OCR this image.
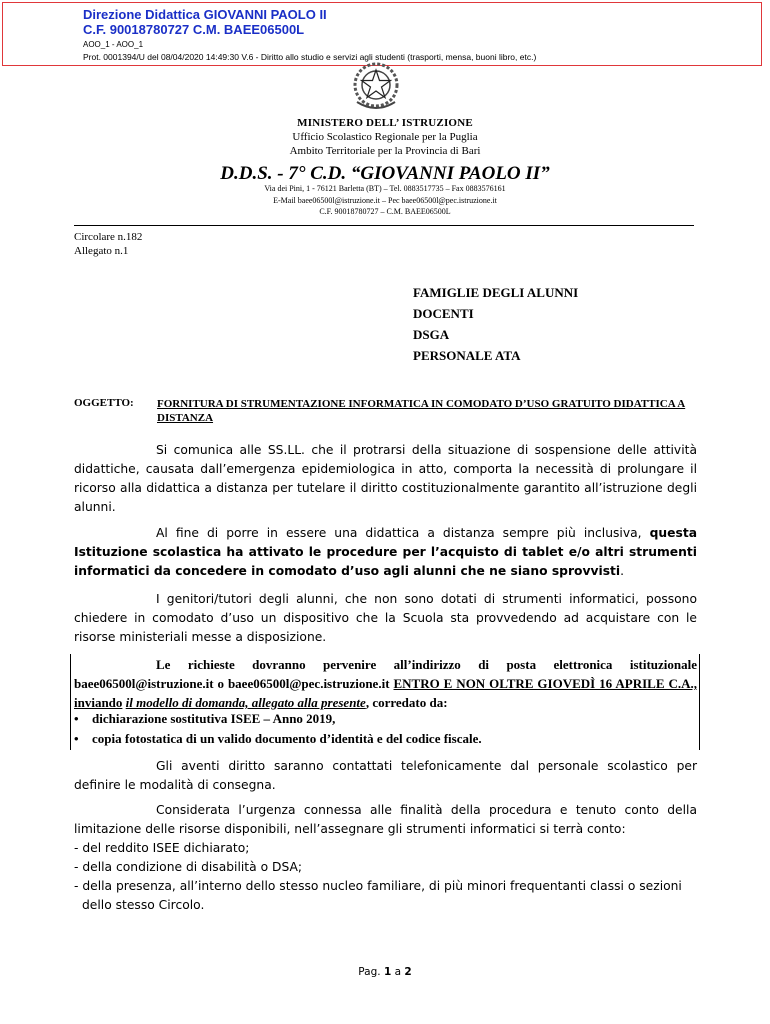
Direzione Didattica GIOVANNI PAOLO II
C.F. 90018780727 C.M. BAEE06500L
AOO_1 - AOO_1
Prot. 0001394/U del 08/04/2020 14:49:30 V.6 - Diritto allo studio e servizi agli studenti (trasporti, mensa, buoni libro, etc.)
MINISTERO DELL’ ISTRUZIONE
Ufficio Scolastico Regionale per la Puglia
Ambito Territoriale per la Provincia di Bari
D.D.S. - 7° C.D. “GIOVANNI PAOLO II”
Via dei Pini, 1 - 76121 Barletta (BT) – Tel. 0883517735 – Fax 0883576161
E-Mail baee06500l@istruzione.it – Pec baee06500l@pec.istruzione.it
C.F. 90018780727 – C.M. BAEE06500L
Circolare n.182
Allegato n.1
FAMIGLIE DEGLI ALUNNI
DOCENTI
DSGA
PERSONALE ATA
OGGETTO: FORNITURA DI STRUMENTAZIONE INFORMATICA IN COMODATO D’USO GRATUITO DIDATTICA A DISTANZA
Si comunica alle SS.LL. che il protrarsi della situazione di sospensione delle attività didattiche, causata dall’emergenza epidemiologica in atto, comporta la necessità di prolungare il ricorso alla didattica a distanza per tutelare il diritto costituzionalmente garantito all’istruzione degli alunni.
Al fine di porre in essere una didattica a distanza sempre più inclusiva, questa Istituzione scolastica ha attivato le procedure per l’acquisto di tablet e/o altri strumenti informatici da concedere in comodato d’uso agli alunni che ne siano sprovvisti.
I genitori/tutori degli alunni, che non sono dotati di strumenti informatici, possono chiedere in comodato d’uso un dispositivo che la Scuola sta provvedendo ad acquistare con le risorse ministeriali messe a disposizione.
Le richieste dovranno pervenire all’indirizzo di posta elettronica istituzionale baee06500l@istruzione.it o baee06500l@pec.istruzione.it ENTRO E NON OLTRE GIOVEDÌ 16 APRILE C.A., inviando il modello di domanda, allegato alla presente, corredato da:
• dichiarazione sostitutiva ISEE – Anno 2019,
• copia fotostatica di un valido documento d’identità e del codice fiscale.
Gli aventi diritto saranno contattati telefonicamente dal personale scolastico per definire le modalità di consegna.
Considerata l’urgenza connessa alle finalità della procedura e tenuto conto della limitazione delle risorse disponibili, nell’assegnare gli strumenti informatici si terrà conto:
- del reddito ISEE dichiarato;
- della condizione di disabilità o DSA;
- della presenza, all’interno dello stesso nucleo familiare, di più minori frequentanti classi o sezioni
dello stesso Circolo.
Pag. 1 a 2
